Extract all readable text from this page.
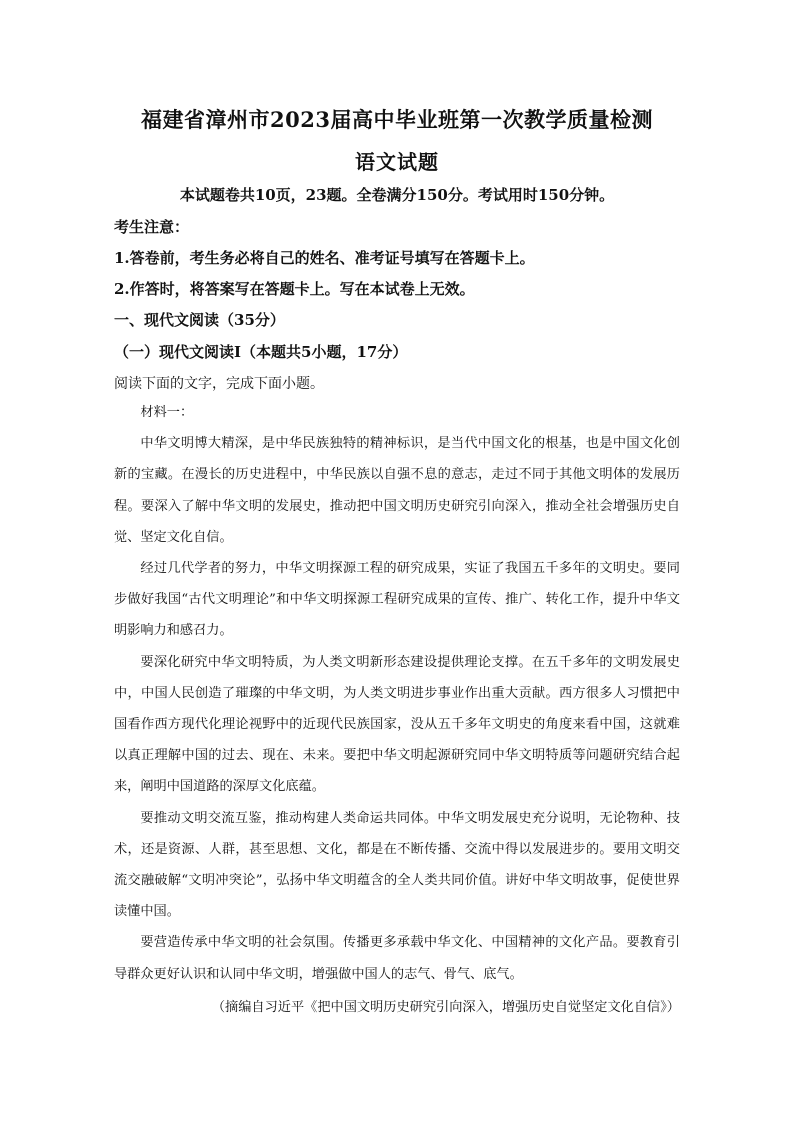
福建省漳州市2023届高中毕业班第一次教学质量检测
语文试题
本试题卷共10页，23题。全卷满分150分。考试用时150分钟。
考生注意：
1.答卷前，考生务必将自己的姓名、准考证号填写在答题卡上。
2.作答时，将答案写在答题卡上。写在本试卷上无效。
一、现代文阅读（35分）
（一）现代文阅读Ⅰ（本题共5小题，17分）
阅读下面的文字，完成下面小题。

材料一：

中华文明博大精深，是中华民族独特的精神标识，是当代中国文化的根基，也是中国文化创新的宝藏。在漫长的历史进程中，中华民族以自强不息的意志，走过不同于其他文明体的发展历程。要深入了解中华文明的发展史，推动把中国文明历史研究引向深入，推动全社会增强历史自觉、坚定文化自信。

经过几代学者的努力，中华文明探源工程的研究成果，实证了我国五千多年的文明史。要同步做好我国“古代文明理论”和中华文明探源工程研究成果的宣传、推广、转化工作，提升中华文明影响力和感召力。

要深化研究中华文明特质，为人类文明新形态建设提供理论支撑。在五千多年的文明发展史中，中国人民创造了璀璨的中华文明，为人类文明进步事业作出重大贡献。西方很多人习惯把中国看作西方现代化理论视野中的近现代民族国家，没从五千多年文明史的角度来看中国，这就难以真正理解中国的过去、现在、未来。要把中华文明起源研究同中华文明特质等问题研究结合起来，阐明中国道路的深厚文化底蕴。

要推动文明交流互鉴，推动构建人类命运共同体。中华文明发展史充分说明，无论物种、技术，还是资源、人群，甚至思想、文化，都是在不断传播、交流中得以发展进步的。要用文明交流交融破解“文明冲突论”，弘扬中华文明蕴含的全人类共同价值。讲好中华文明故事，促使世界读懂中国。

要营造传承中华文明的社会氛围。传播更多承载中华文化、中国精神的文化产品。要教育引导群众更好认识和认同中华文明，增强做中国人的志气、骨气、底气。

（摘编自习近平《把中国文明历史研究引向深入，增强历史自觉坚定文化自信》）
